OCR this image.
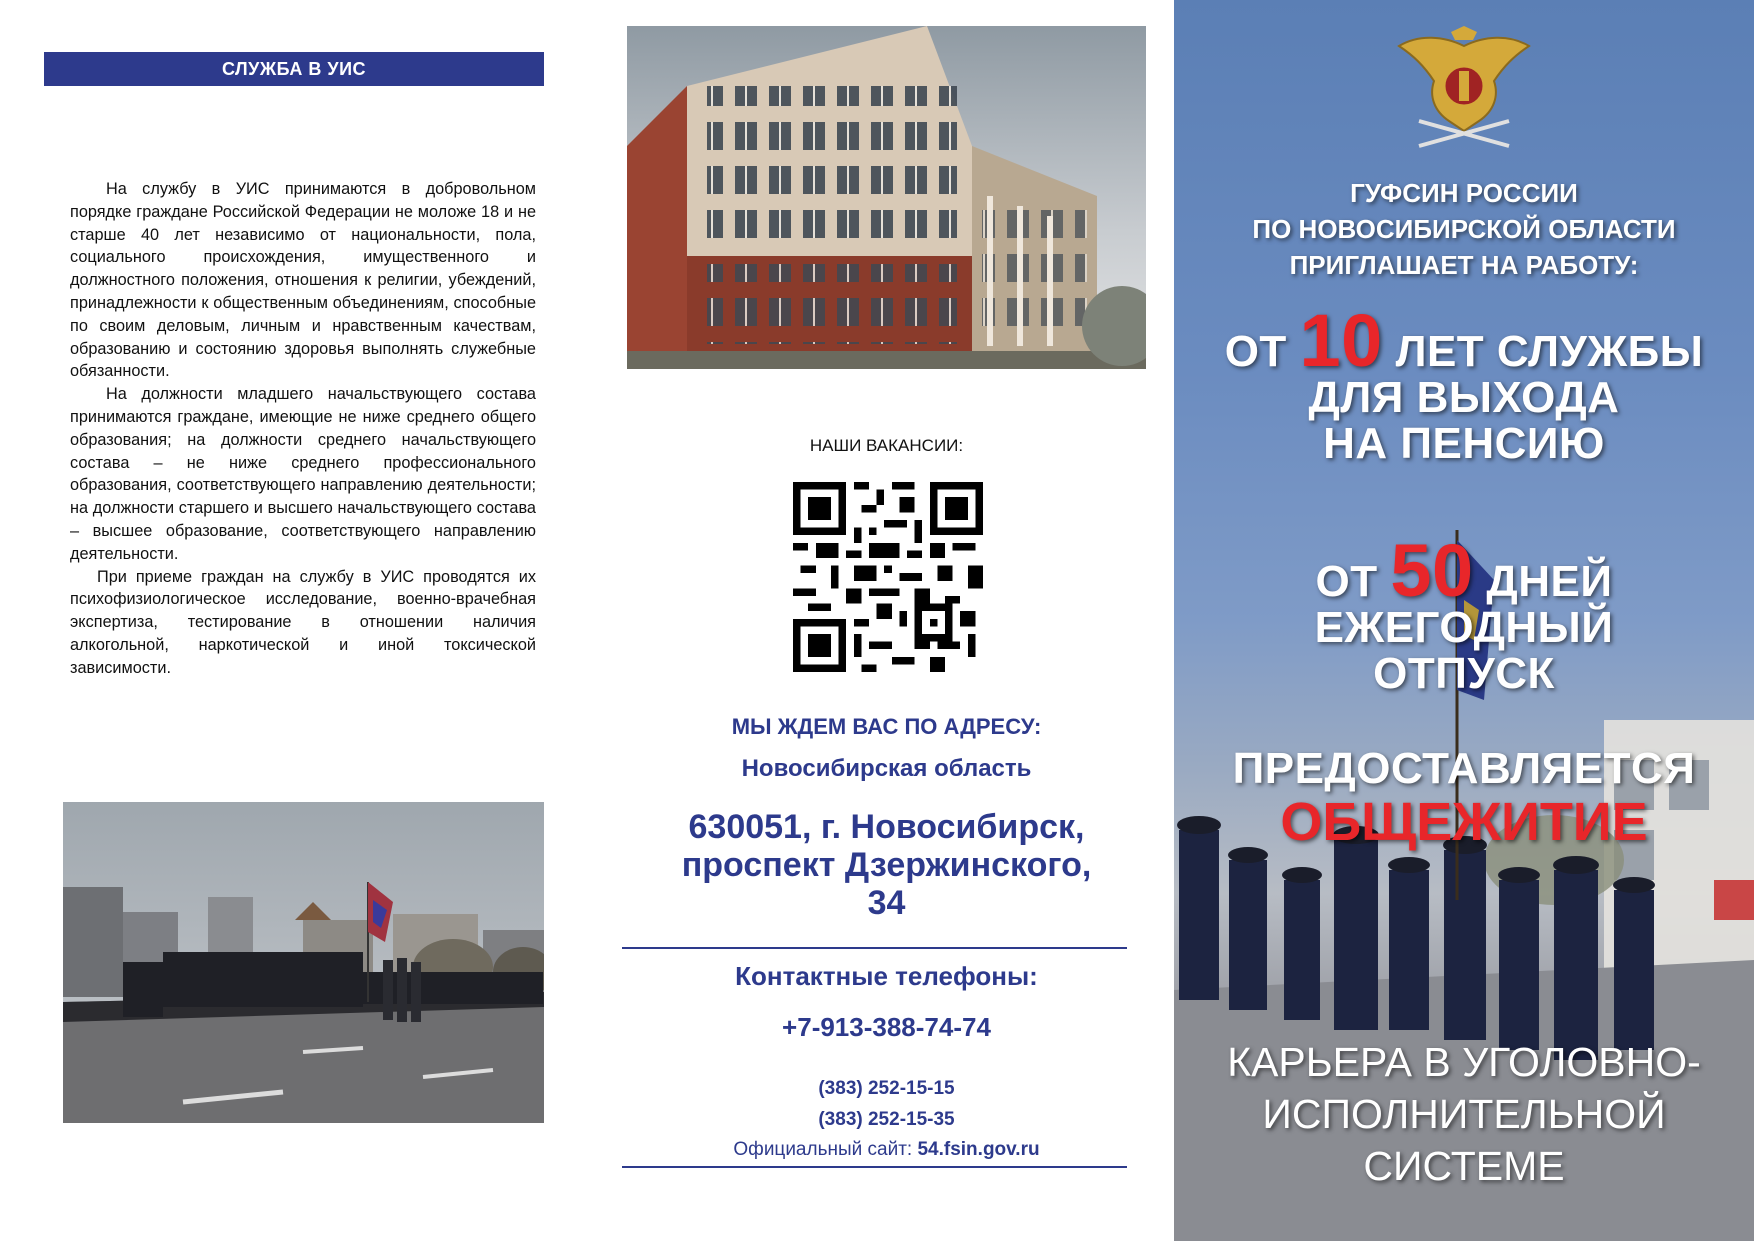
СЛУЖБА В УИС

На службу в УИС принимаются в добровольном порядке граждане Российской Федерации не моложе 18 и не старше 40 лет независимо от национальности, пола, социального происхождения, имущественного и должностного положения, отношения к религии, убеждений, принадлежности к общественным объединениям, способные по своим деловым, личным и нравственным качествам, образованию и состоянию здоровья выполнять служебные обязанности.

На должности младшего начальствующего состава принимаются граждане, имеющие не ниже среднего общего образования; на должности среднего начальствующего состава – не ниже среднего профессионального образования, соответствующего направлению деятельности; на должности старшего и высшего начальствующего состава – высшее образование, соответствующего направлению деятельности.

При приеме граждан на службу в УИС проводятся их психофизиологическое исследование, военно-врачебная экспертиза, тестирование в отношении наличия алкогольной, наркотической и иной токсической зависимости.

НАШИ ВАКАНСИИ:
МЫ ЖДЕМ ВАС ПО АДРЕСУ:
Новосибирская область
630051, г. Новосибирск,
проспект Дзержинского,
34
Контактные телефоны:
+7-913-388-74-74
(383) 252-15-15
(383) 252-15-35
Официальный сайт: 54.fsin.gov.ru
ГУФСИН РОССИИ
ПО НОВОСИБИРСКОЙ ОБЛАСТИ
ПРИГЛАШАЕТ НА РАБОТУ:
ОТ 10 ЛЕТ СЛУЖБЫ
ДЛЯ ВЫХОДА
НА ПЕНСИЮ
ОТ 50 ДНЕЙ
ЕЖЕГОДНЫЙ
ОТПУСК
ПРЕДОСТАВЛЯЕТСЯ
ОБЩЕЖИТИЕ
КАРЬЕРА В УГОЛОВНО-
ИСПОЛНИТЕЛЬНОЙ
СИСТЕМЕ
